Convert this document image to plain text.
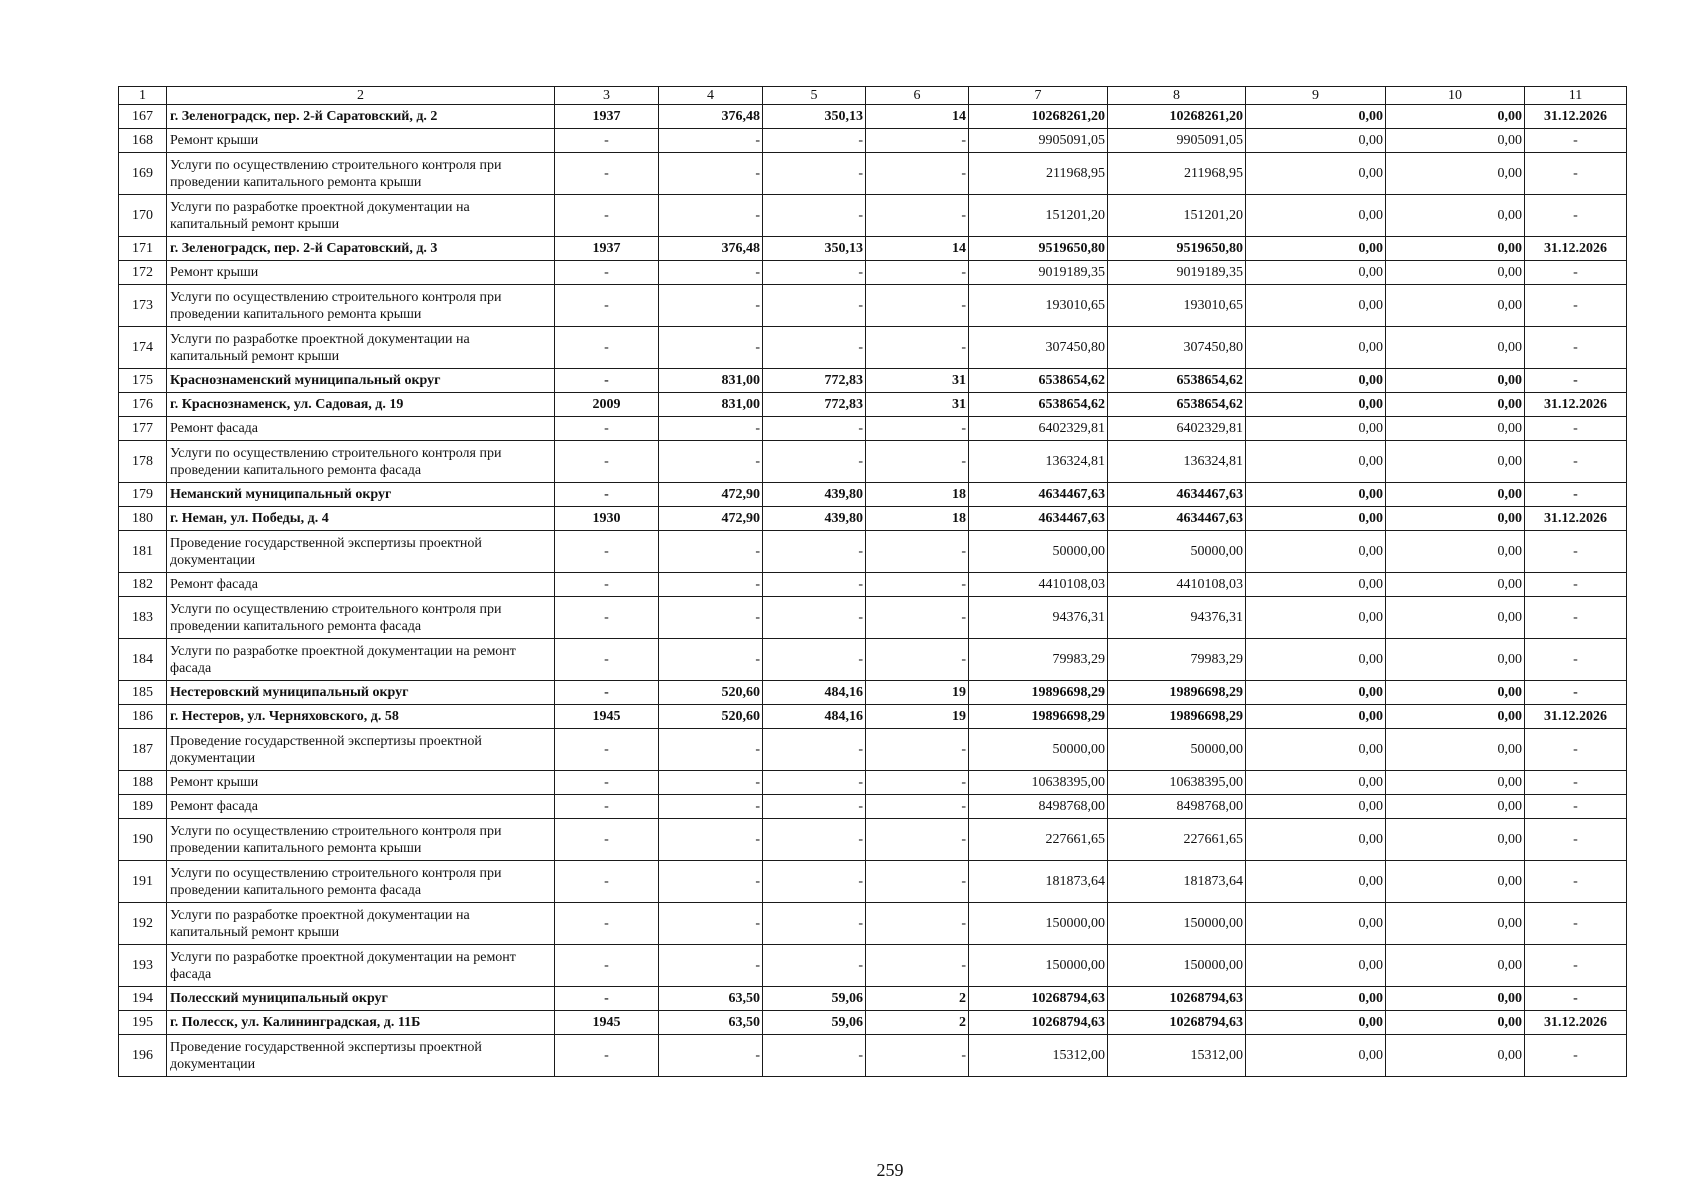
1	2	3	4	5	6	7	8	9	10	11
167	г. Зеленоградск, пер. 2-й Саратовский, д. 2	1937	376,48	350,13	14	10268261,20	10268261,20	0,00	0,00	31.12.2026
168	Ремонт крыши	-	-	-	-	9905091,05	9905091,05	0,00	0,00	-
169	Услуги по осуществлению строительного контроля при проведении капитального ремонта крыши	-	-	-	-	211968,95	211968,95	0,00	0,00	-
170	Услуги по разработке проектной документации на капитальный ремонт крыши	-	-	-	-	151201,20	151201,20	0,00	0,00	-
171	г. Зеленоградск, пер. 2-й Саратовский, д. 3	1937	376,48	350,13	14	9519650,80	9519650,80	0,00	0,00	31.12.2026
172	Ремонт крыши	-	-	-	-	9019189,35	9019189,35	0,00	0,00	-
173	Услуги по осуществлению строительного контроля при проведении капитального ремонта крыши	-	-	-	-	193010,65	193010,65	0,00	0,00	-
174	Услуги по разработке проектной документации на капитальный ремонт крыши	-	-	-	-	307450,80	307450,80	0,00	0,00	-
175	Краснознаменский муниципальный округ	-	831,00	772,83	31	6538654,62	6538654,62	0,00	0,00	-
176	г. Краснознаменск, ул. Садовая, д. 19	2009	831,00	772,83	31	6538654,62	6538654,62	0,00	0,00	31.12.2026
177	Ремонт фасада	-	-	-	-	6402329,81	6402329,81	0,00	0,00	-
178	Услуги по осуществлению строительного контроля при проведении капитального ремонта фасада	-	-	-	-	136324,81	136324,81	0,00	0,00	-
179	Неманский муниципальный округ	-	472,90	439,80	18	4634467,63	4634467,63	0,00	0,00	-
180	г. Неман, ул. Победы, д. 4	1930	472,90	439,80	18	4634467,63	4634467,63	0,00	0,00	31.12.2026
181	Проведение государственной экспертизы проектной документации	-	-	-	-	50000,00	50000,00	0,00	0,00	-
182	Ремонт фасада	-	-	-	-	4410108,03	4410108,03	0,00	0,00	-
183	Услуги по осуществлению строительного контроля при проведении капитального ремонта фасада	-	-	-	-	94376,31	94376,31	0,00	0,00	-
184	Услуги по разработке проектной документации на ремонт фасада	-	-	-	-	79983,29	79983,29	0,00	0,00	-
185	Нестеровский муниципальный округ	-	520,60	484,16	19	19896698,29	19896698,29	0,00	0,00	-
186	г. Нестеров, ул. Черняховского, д. 58	1945	520,60	484,16	19	19896698,29	19896698,29	0,00	0,00	31.12.2026
187	Проведение государственной экспертизы проектной документации	-	-	-	-	50000,00	50000,00	0,00	0,00	-
188	Ремонт крыши	-	-	-	-	10638395,00	10638395,00	0,00	0,00	-
189	Ремонт фасада	-	-	-	-	8498768,00	8498768,00	0,00	0,00	-
190	Услуги по осуществлению строительного контроля при проведении капитального ремонта крыши	-	-	-	-	227661,65	227661,65	0,00	0,00	-
191	Услуги по осуществлению строительного контроля при проведении капитального ремонта фасада	-	-	-	-	181873,64	181873,64	0,00	0,00	-
192	Услуги по разработке проектной документации на капитальный ремонт крыши	-	-	-	-	150000,00	150000,00	0,00	0,00	-
193	Услуги по разработке проектной документации на ремонт фасада	-	-	-	-	150000,00	150000,00	0,00	0,00	-
194	Полесский муниципальный округ	-	63,50	59,06	2	10268794,63	10268794,63	0,00	0,00	-
195	г. Полесск, ул. Калининградская, д. 11Б	1945	63,50	59,06	2	10268794,63	10268794,63	0,00	0,00	31.12.2026
196	Проведение государственной экспертизы проектной документации	-	-	-	-	15312,00	15312,00	0,00	0,00	-
259
